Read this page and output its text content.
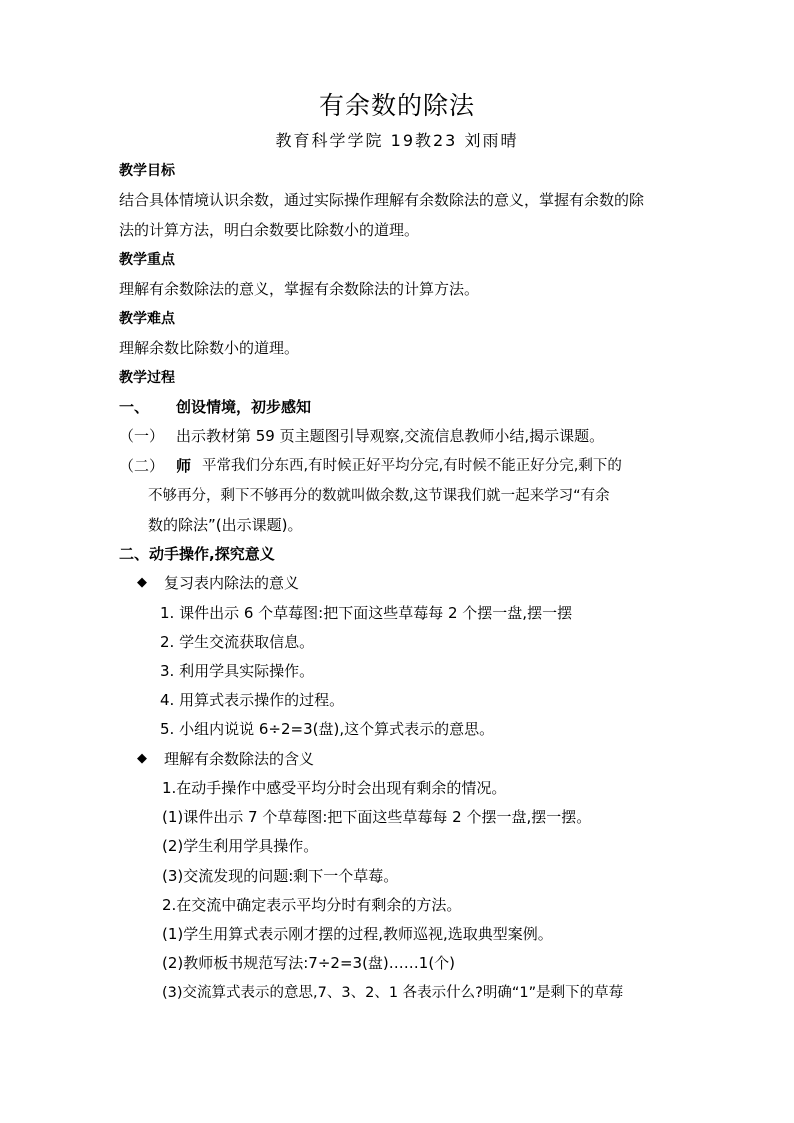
有余数的除法
教育科学学院 19教23 刘雨晴
教学目标
结合具体情境认识余数，通过实际操作理解有余数除法的意义，掌握有余数的除
法的计算方法，明白余数要比除数小的道理。
教学重点
理解有余数除法的意义，掌握有余数除法的计算方法。
教学难点
理解余数比除数小的道理。
教学过程
一、 创设情境，初步感知
（一） 出示教材第 59 页主题图引导观察,交流信息教师小结,揭示课题。
（二） 师 平常我们分东西,有时候正好平均分完,有时候不能正好分完,剩下的
不够再分，剩下不够再分的数就叫做余数,这节课我们就一起来学习“有余
数的除法”(出示课题)。
二、动手操作,探究意义
◆ 复习表内除法的意义
1. 课件出示 6 个草莓图:把下面这些草莓每 2 个摆一盘,摆一摆
2. 学生交流获取信息。
3. 利用学具实际操作。
4. 用算式表示操作的过程。
5. 小组内说说 6÷2=3(盘),这个算式表示的意思。
◆ 理解有余数除法的含义
1.在动手操作中感受平均分时会出现有剩余的情况。
(1)课件出示 7 个草莓图:把下面这些草莓每 2 个摆一盘,摆一摆。
(2)学生利用学具操作。
(3)交流发现的问题:剩下一个草莓。
2.在交流中确定表示平均分时有剩余的方法。
(1)学生用算式表示刚才摆的过程,教师巡视,选取典型案例。
(2)教师板书规范写法:7÷2=3(盘)……1(个)
(3)交流算式表示的意思,7、3、2、1 各表示什么?明确“1”是剩下的草莓
